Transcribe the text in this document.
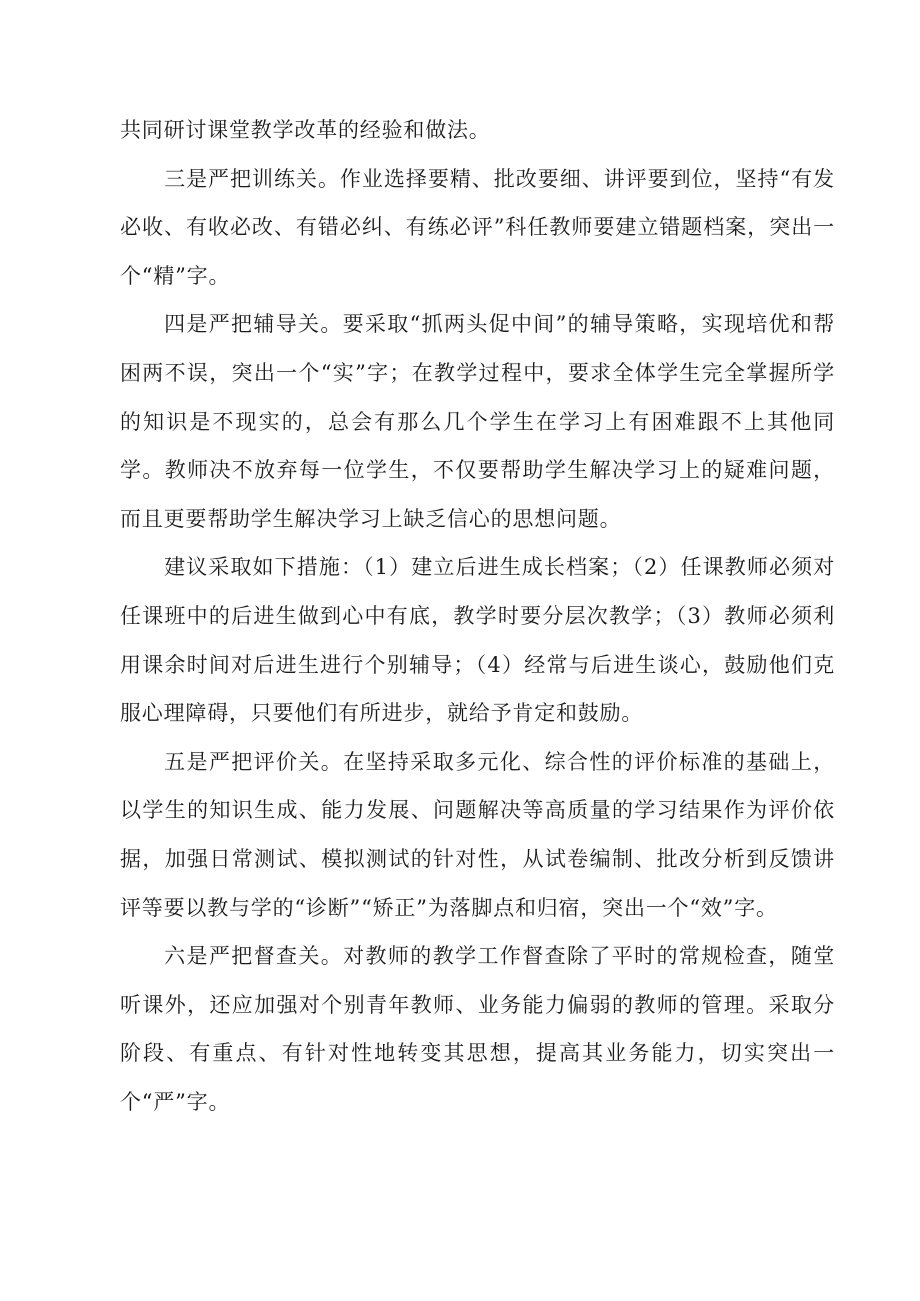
共同研讨课堂教学改革的经验和做法。

三是严把训练关。作业选择要精、批改要细、讲评要到位，坚持“有发必收、有收必改、有错必纠、有练必评”科任教师要建立错题档案，突出一个“精”字。

四是严把辅导关。要采取“抓两头促中间”的辅导策略，实现培优和帮困两不误，突出一个“实”字；在教学过程中，要求全体学生完全掌握所学的知识是不现实的，总会有那么几个学生在学习上有困难跟不上其他同学。教师决不放弃每一位学生，不仅要帮助学生解决学习上的疑难问题，而且更要帮助学生解决学习上缺乏信心的思想问题。

建议采取如下措施：（1）建立后进生成长档案；（2）任课教师必须对任课班中的后进生做到心中有底，教学时要分层次教学；（3）教师必须利用课余时间对后进生进行个别辅导；（4）经常与后进生谈心，鼓励他们克服心理障碍，只要他们有所进步，就给予肯定和鼓励。

五是严把评价关。在坚持采取多元化、综合性的评价标准的基础上，以学生的知识生成、能力发展、问题解决等高质量的学习结果作为评价依据，加强日常测试、模拟测试的针对性，从试卷编制、批改分析到反馈讲评等要以教与学的“诊断”“矫正”为落脚点和归宿，突出一个“效”字。

六是严把督查关。对教师的教学工作督查除了平时的常规检查，随堂听课外，还应加强对个别青年教师、业务能力偏弱的教师的管理。采取分阶段、有重点、有针对性地转变其思想，提高其业务能力，切实突出一个“严”字。
